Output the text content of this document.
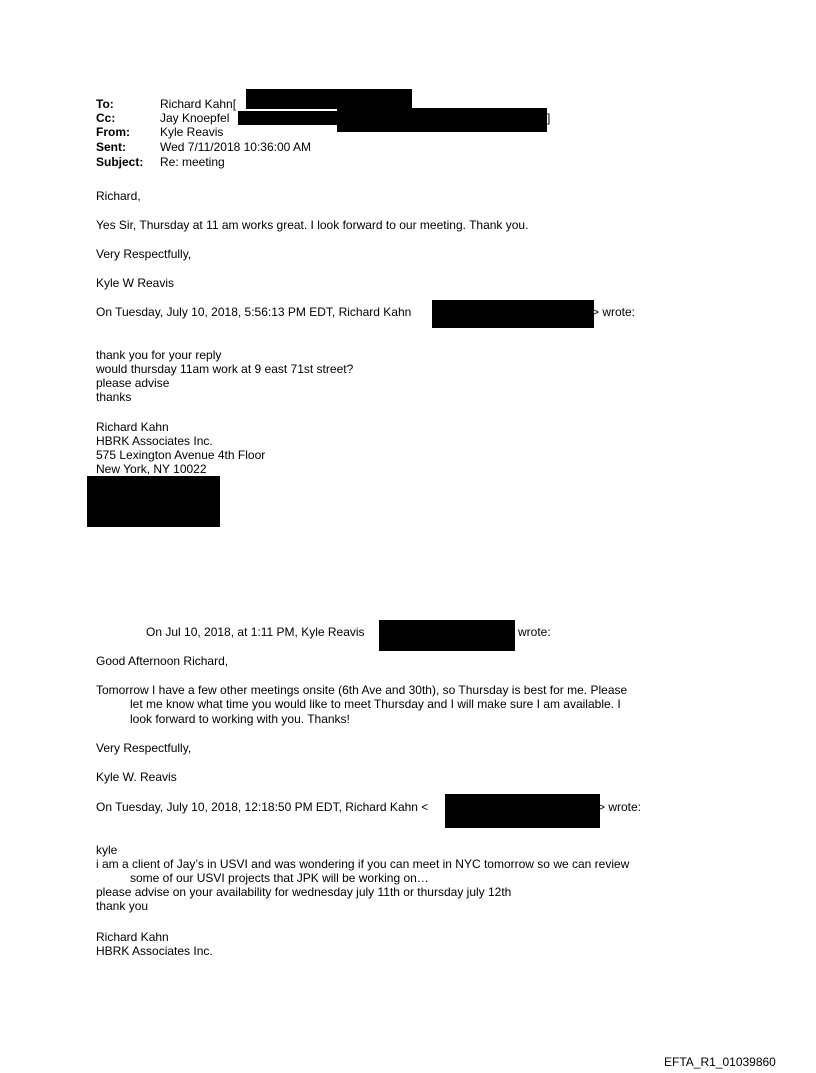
To:	Richard Kahn[
Cc:	Jay Knoepfel	]
From:	Kyle Reavis
Sent:	Wed 7/11/2018 10:36:00 AM
Subject: Re: meeting
Richard,
Yes Sir, Thursday at 11 am works great. I look forward to our meeting. Thank you.
Very Respectfully,
Kyle W Reavis
On Tuesday, July 10, 2018, 5:56:13 PM EDT, Richard Kahn	> wrote:
thank you for your reply
would thursday 11am work at 9 east 71st street?
please advise
thanks
Richard Kahn
HBRK Associates Inc.
575 Lexington Avenue 4th Floor
New York, NY 10022
On Jul 10, 2018, at 1:11 PM, Kyle Reavis	wrote:
Good Afternoon Richard,
Tomorrow I have a few other meetings onsite (6th Ave and 30th), so Thursday is best for me. Please
let me know what time you would like to meet Thursday and I will make sure I am available. I
look forward to working with you. Thanks!
Very Respectfully,
Kyle W. Reavis
On Tuesday, July 10, 2018, 12:18:50 PM EDT, Richard Kahn <	> wrote:
kyle
i am a client of Jay’s in USVI and was wondering if you can meet in NYC tomorrow so we can review
some of our USVI projects that JPK will be working on…
please advise on your availability for wednesday july 11th or thursday july 12th
thank you
Richard Kahn
HBRK Associates Inc.
EFTA_R1_01039860
